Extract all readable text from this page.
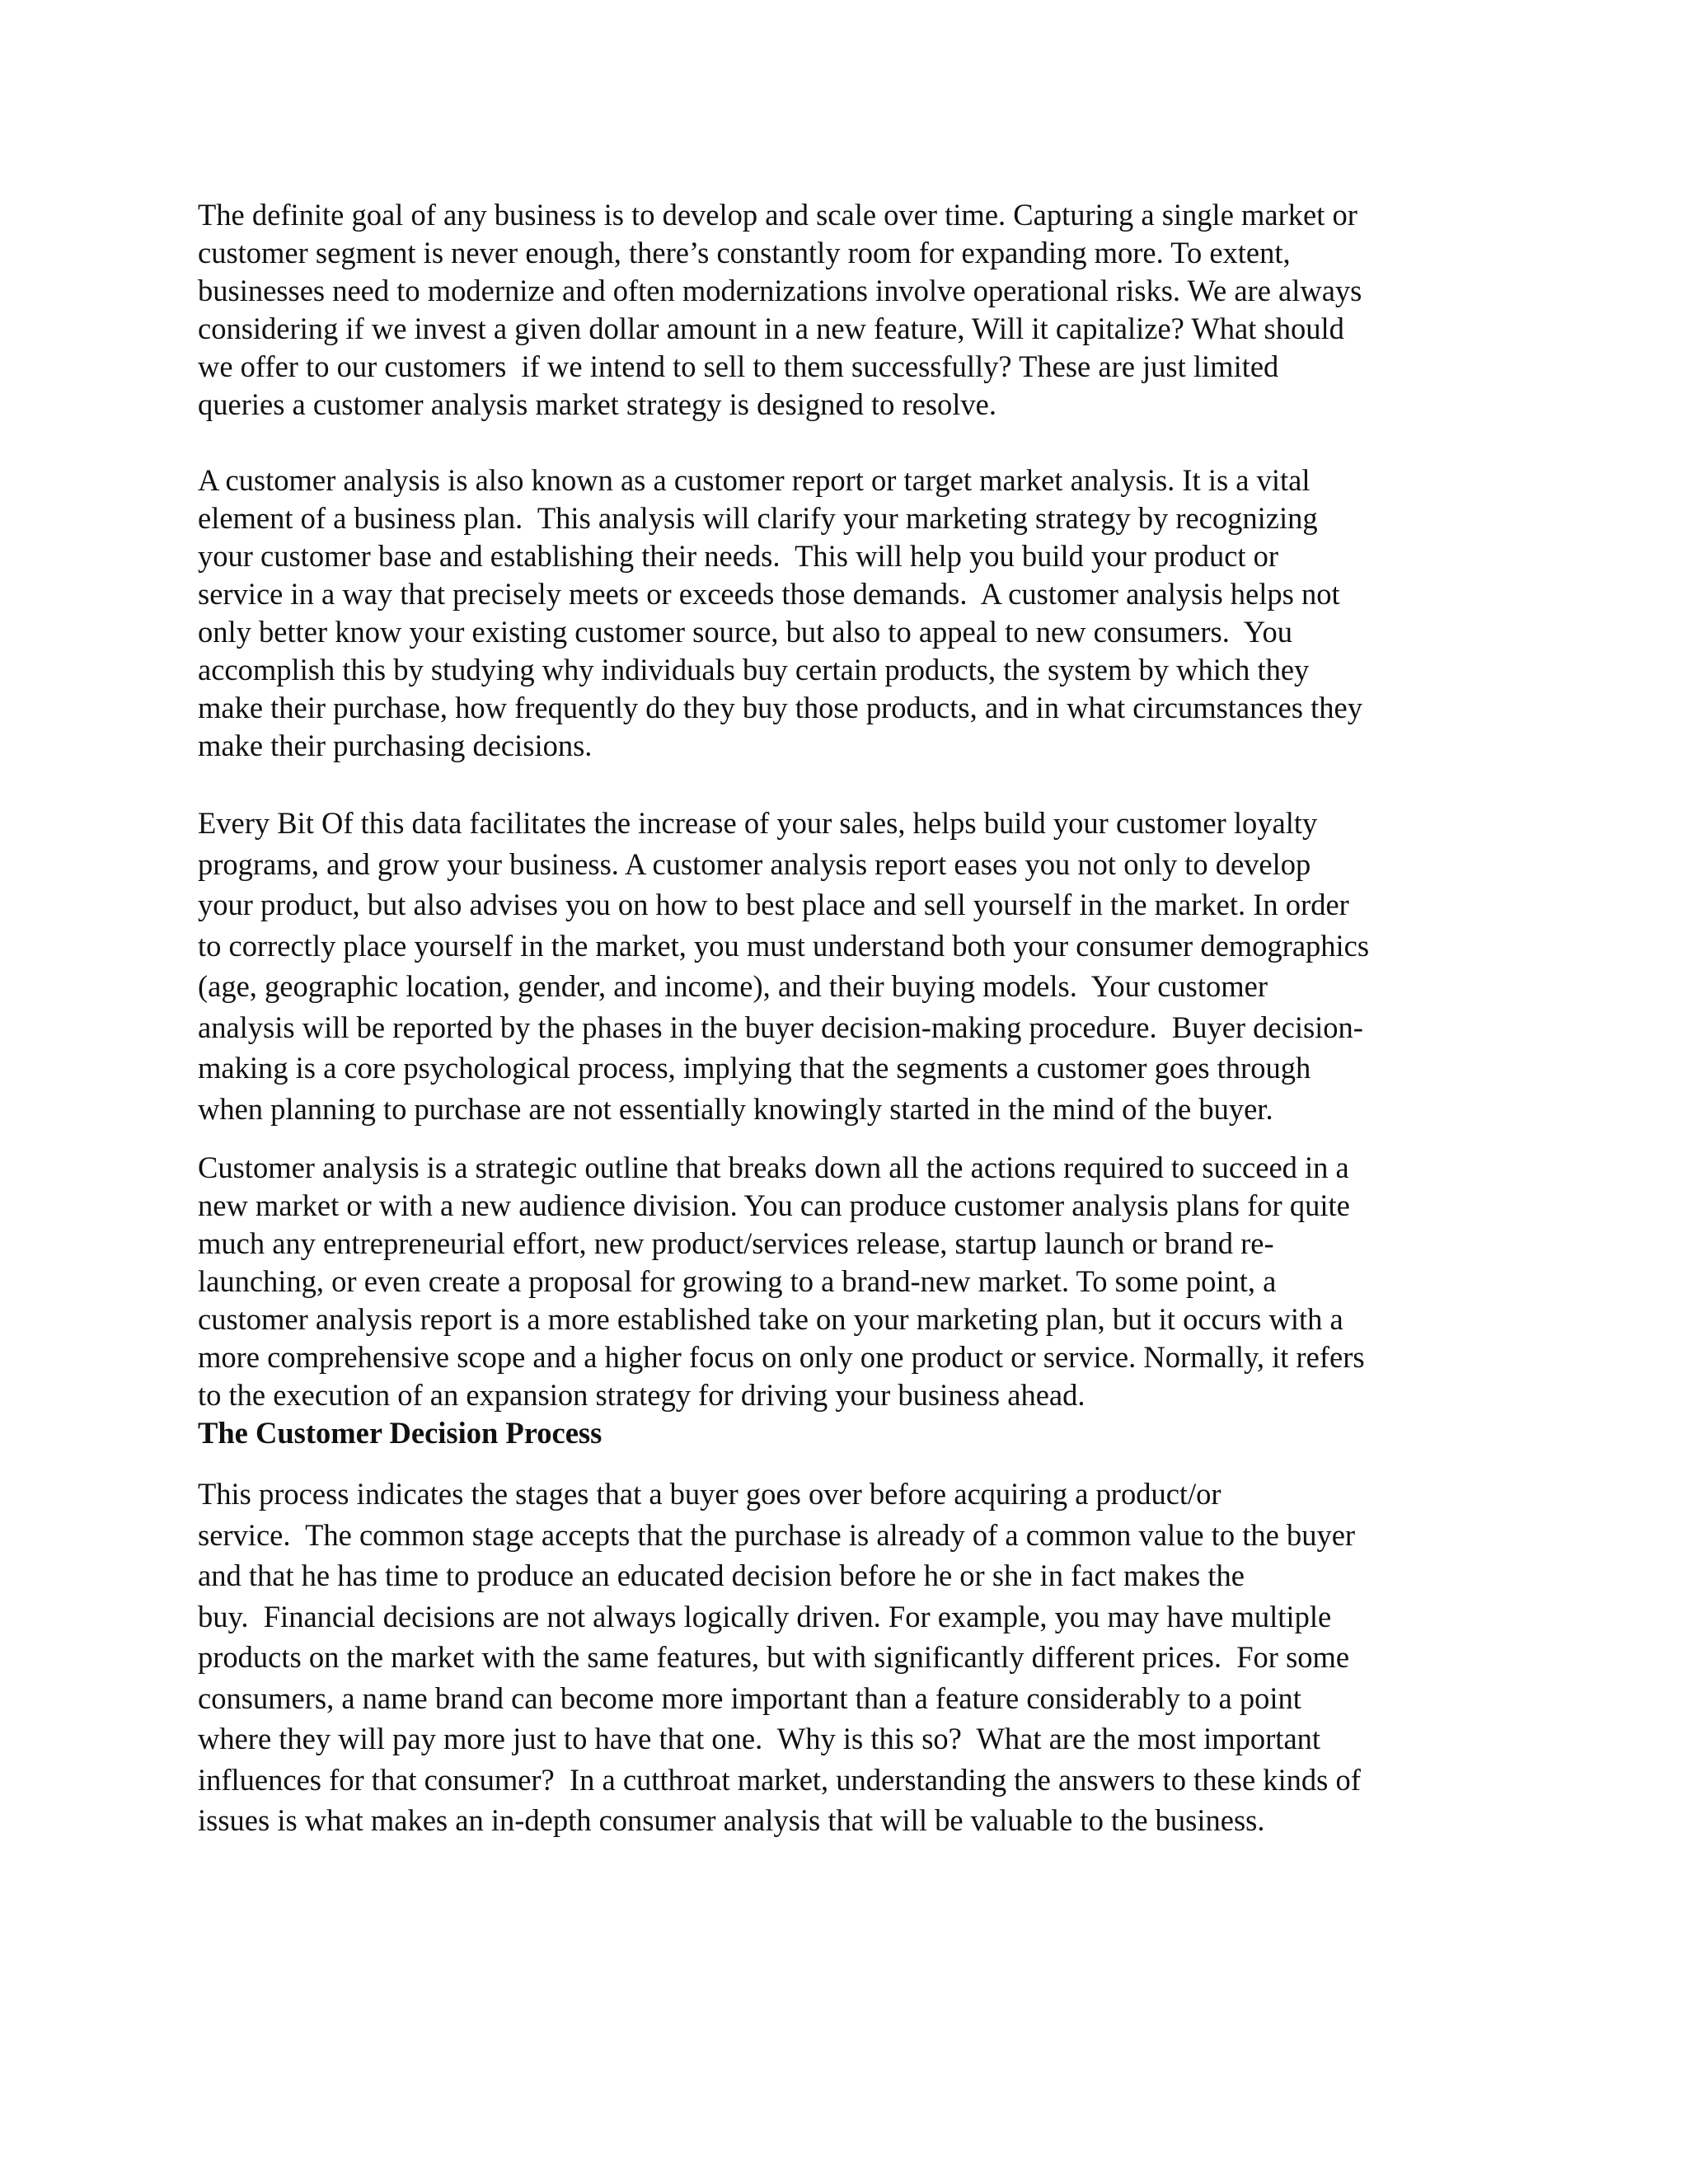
The definite goal of any business is to develop and scale over time. Capturing a single market or
customer segment is never enough, there’s constantly room for expanding more. To extent,
businesses need to modernize and often modernizations involve operational risks. We are always
considering if we invest a given dollar amount in a new feature, Will it capitalize? What should
we offer to our customers  if we intend to sell to them successfully? These are just limited
queries a customer analysis market strategy is designed to resolve.

A customer analysis is also known as a customer report or target market analysis. It is a vital
element of a business plan.  This analysis will clarify your marketing strategy by recognizing
your customer base and establishing their needs.  This will help you build your product or
service in a way that precisely meets or exceeds those demands.  A customer analysis helps not
only better know your existing customer source, but also to appeal to new consumers.  You
accomplish this by studying why individuals buy certain products, the system by which they
make their purchase, how frequently do they buy those products, and in what circumstances they
make their purchasing decisions.

Every Bit Of this data facilitates the increase of your sales, helps build your customer loyalty
programs, and grow your business. A customer analysis report eases you not only to develop
your product, but also advises you on how to best place and sell yourself in the market. In order
to correctly place yourself in the market, you must understand both your consumer demographics
(age, geographic location, gender, and income), and their buying models.  Your customer
analysis will be reported by the phases in the buyer decision-making procedure.  Buyer decision-
making is a core psychological process, implying that the segments a customer goes through
when planning to purchase are not essentially knowingly started in the mind of the buyer.

Customer analysis is a strategic outline that breaks down all the actions required to succeed in a
new market or with a new audience division. You can produce customer analysis plans for quite
much any entrepreneurial effort, new product/services release, startup launch or brand re-
launching, or even create a proposal for growing to a brand-new market. To some point, a
customer analysis report is a more established take on your marketing plan, but it occurs with a
more comprehensive scope and a higher focus on only one product or service. Normally, it refers
to the execution of an expansion strategy for driving your business ahead.

The Customer Decision Process

This process indicates the stages that a buyer goes over before acquiring a product/or
service.  The common stage accepts that the purchase is already of a common value to the buyer
and that he has time to produce an educated decision before he or she in fact makes the
buy.  Financial decisions are not always logically driven. For example, you may have multiple
products on the market with the same features, but with significantly different prices.  For some
consumers, a name brand can become more important than a feature considerably to a point
where they will pay more just to have that one.  Why is this so?  What are the most important
influences for that consumer?  In a cutthroat market, understanding the answers to these kinds of
issues is what makes an in-depth consumer analysis that will be valuable to the business.
